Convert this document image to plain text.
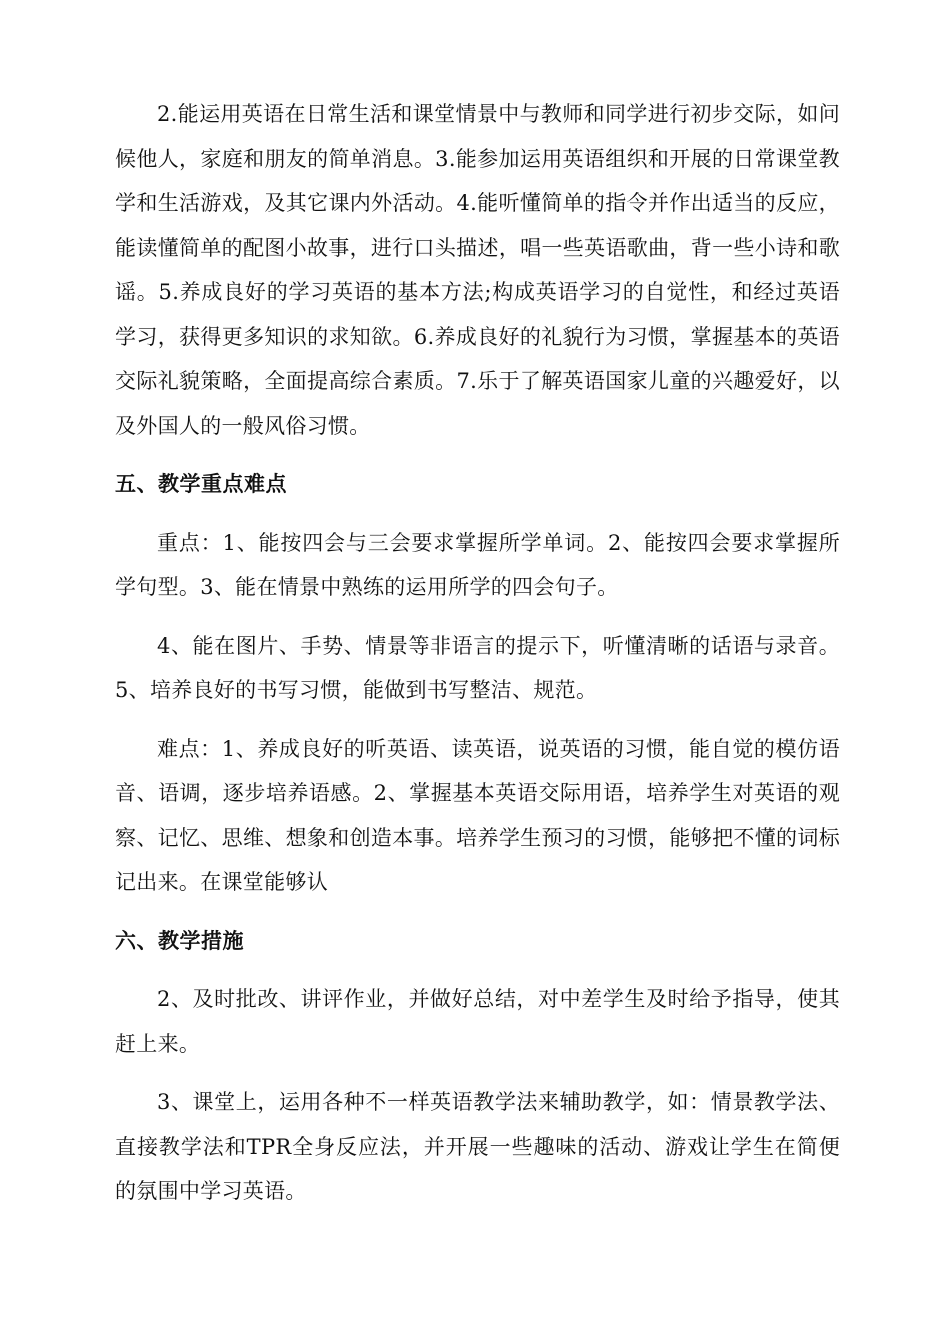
2.能运用英语在日常生活和课堂情景中与教师和同学进行初步交际，如问候他人，家庭和朋友的简单消息。3.能参加运用英语组织和开展的日常课堂教学和生活游戏，及其它课内外活动。4.能听懂简单的指令并作出适当的反应，能读懂简单的配图小故事，进行口头描述，唱一些英语歌曲，背一些小诗和歌谣。5.养成良好的学习英语的基本方法;构成英语学习的自觉性，和经过英语学习，获得更多知识的求知欲。6.养成良好的礼貌行为习惯，掌握基本的英语交际礼貌策略，全面提高综合素质。7.乐于了解英语国家儿童的兴趣爱好，以及外国人的一般风俗习惯。

五、教学重点难点

重点：1、能按四会与三会要求掌握所学单词。2、能按四会要求掌握所学句型。3、能在情景中熟练的运用所学的四会句子。

4、能在图片、手势、情景等非语言的提示下，听懂清晰的话语与录音。5、培养良好的书写习惯，能做到书写整洁、规范。

难点：1、养成良好的听英语、读英语，说英语的习惯，能自觉的模仿语音、语调，逐步培养语感。2、掌握基本英语交际用语，培养学生对英语的观察、记忆、思维、想象和创造本事。培养学生预习的习惯，能够把不懂的词标记出来。在课堂能够认

六、教学措施

2、及时批改、讲评作业，并做好总结，对中差学生及时给予指导，使其赶上来。

3、课堂上，运用各种不一样英语教学法来辅助教学，如：情景教学法、直接教学法和TPR全身反应法，并开展一些趣味的活动、游戏让学生在简便的氛围中学习英语。
